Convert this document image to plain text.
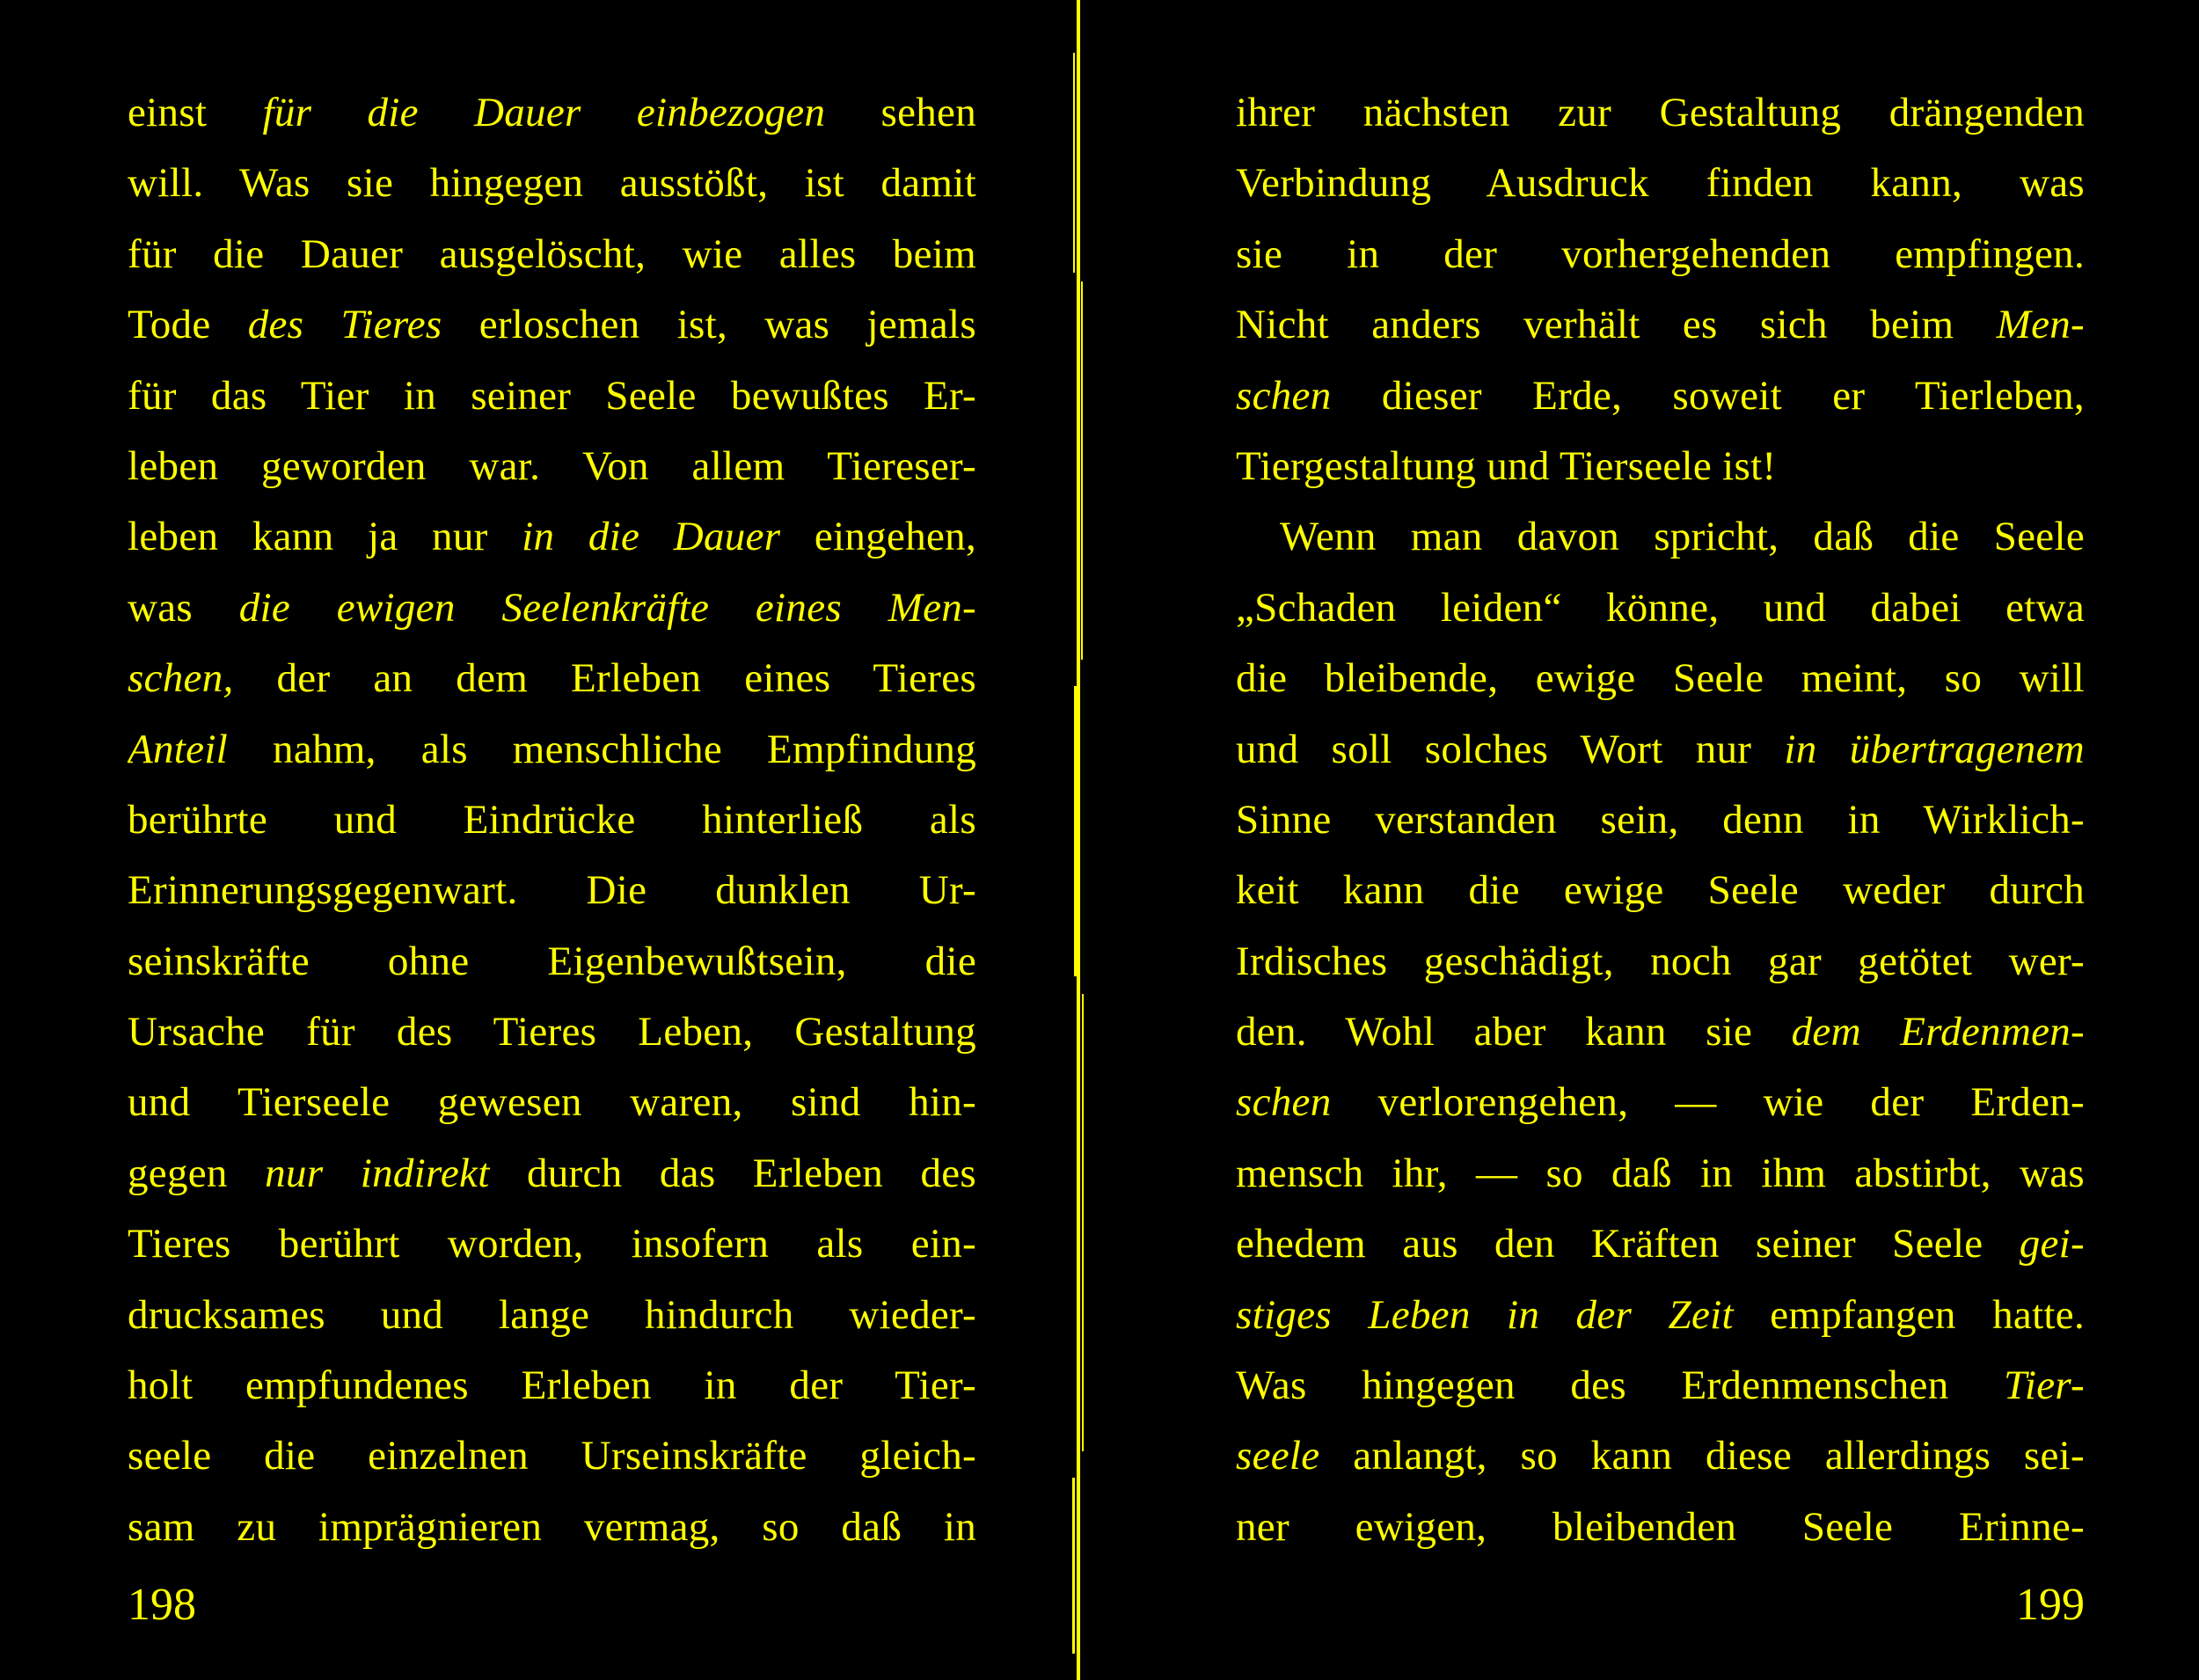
einst für die Dauer einbezogen sehen
will. Was sie hingegen ausstößt, ist damit
für die Dauer ausgelöscht, wie alles beim
Tode des Tieres erloschen ist, was jemals
für das Tier in seiner Seele bewußtes Er-
leben geworden war. Von allem Tiereser-
leben kann ja nur in die Dauer eingehen,
was die ewigen Seelenkräfte eines Men-
schen, der an dem Erleben eines Tieres
Anteil nahm, als menschliche Empfindung
berührte und Eindrücke hinterließ als
Erinnerungsgegenwart. Die dunklen Ur-
seinskräfte ohne Eigenbewußtsein, die
Ursache für des Tieres Leben, Gestaltung
und Tierseele gewesen waren, sind hin-
gegen nur indirekt durch das Erleben des
Tieres berührt worden, insofern als ein-
drucksames und lange hindurch wieder-
holt empfundenes Erleben in der Tier-
seele die einzelnen Urseinskräfte gleich-
sam zu imprägnieren vermag, so daß in
198
ihrer nächsten zur Gestaltung drängenden
Verbindung Ausdruck finden kann, was
sie in der vorhergehenden empfingen.
Nicht anders verhält es sich beim Men-
schen dieser Erde, soweit er Tierleben,
Tiergestaltung und Tierseele ist!
Wenn man davon spricht, daß die Seele
„Schaden leiden“ könne, und dabei etwa
die bleibende, ewige Seele meint, so will
und soll solches Wort nur in übertragenem
Sinne verstanden sein, denn in Wirklich-
keit kann die ewige Seele weder durch
Irdisches geschädigt, noch gar getötet wer-
den. Wohl aber kann sie dem Erdenmen-
schen verlorengehen, — wie der Erden-
mensch ihr, — so daß in ihm abstirbt, was
ehedem aus den Kräften seiner Seele gei-
stiges Leben in der Zeit empfangen hatte.
Was hingegen des Erdenmenschen Tier-
seele anlangt, so kann diese allerdings sei-
ner ewigen, bleibenden Seele Erinne-
199
